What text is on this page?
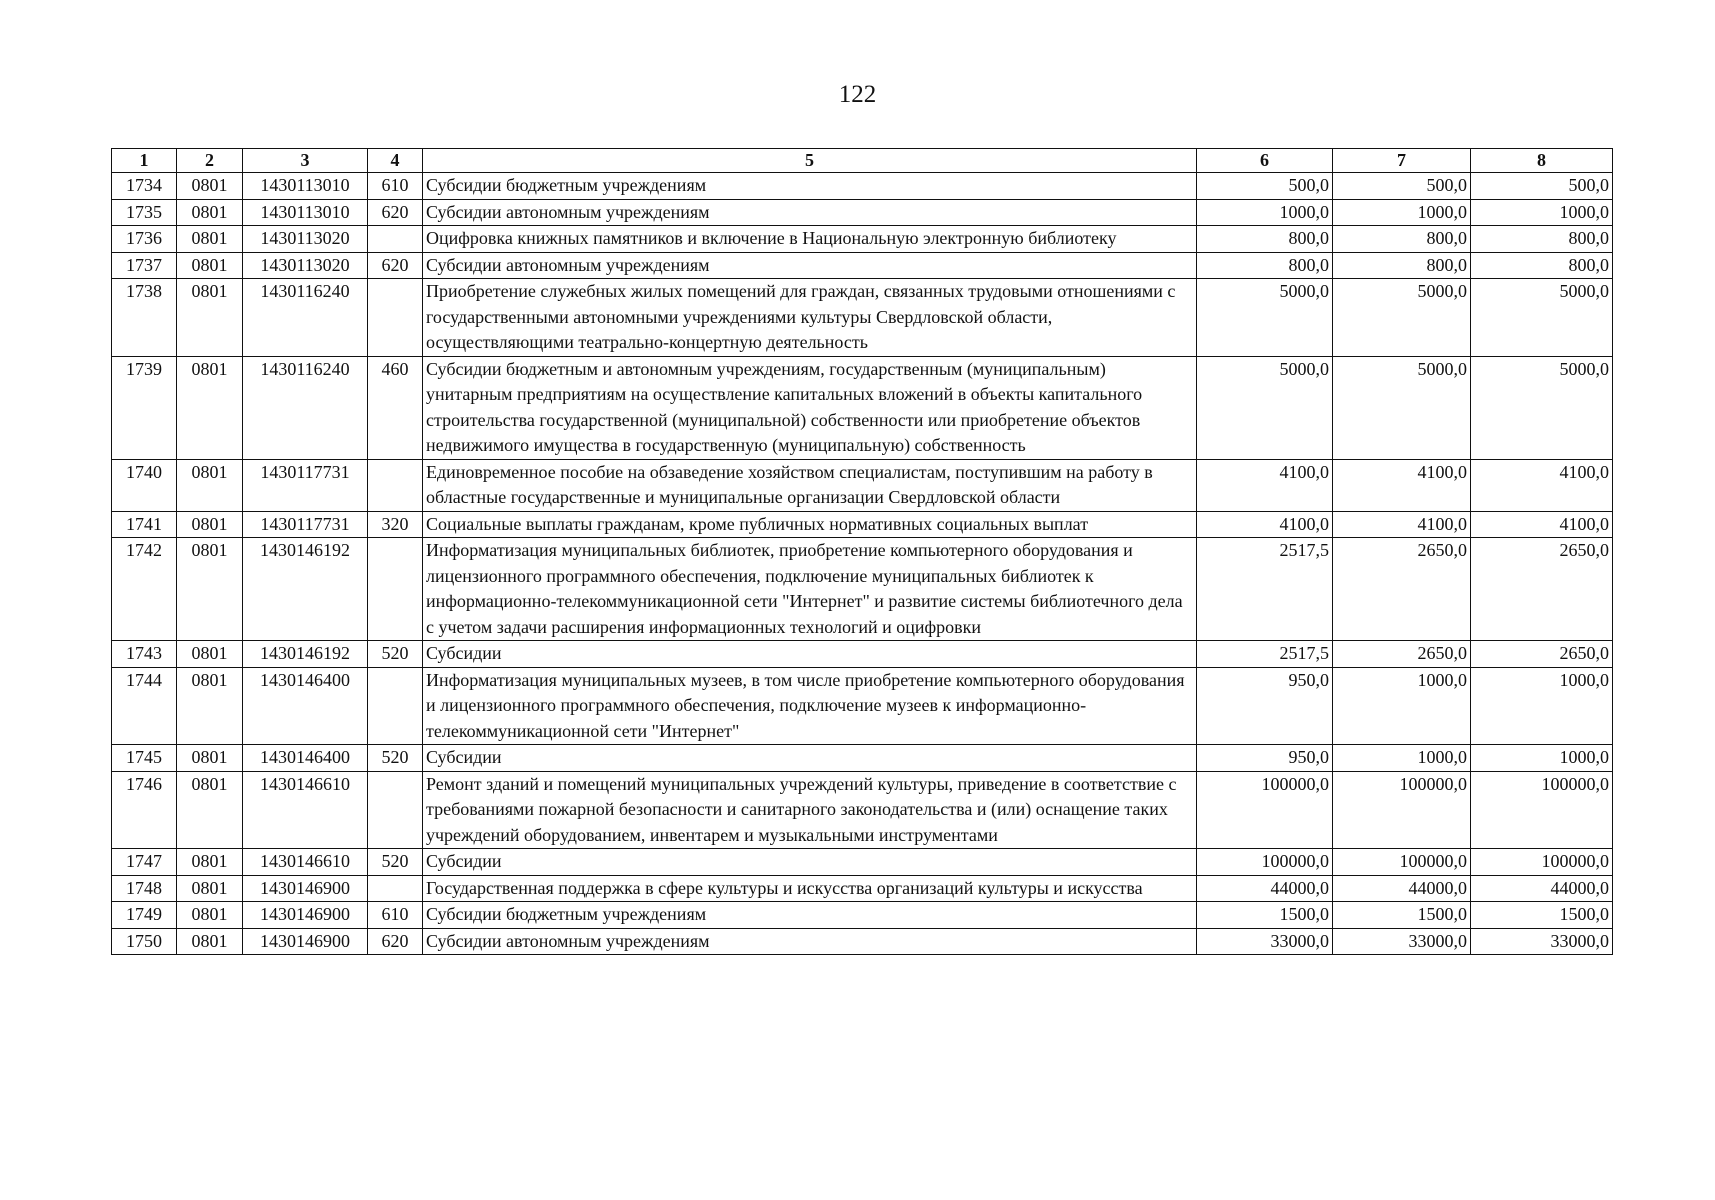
122
1	2	3	4	5	6	7	8
1734	0801	1430113010	610	Субсидии бюджетным учреждениям	500,0	500,0	500,0
1735	0801	1430113010	620	Субсидии автономным учреждениям	1000,0	1000,0	1000,0
1736	0801	1430113020		Оцифровка книжных памятников и включение в Национальную электронную библиотеку	800,0	800,0	800,0
1737	0801	1430113020	620	Субсидии автономным учреждениям	800,0	800,0	800,0
1738	0801	1430116240		Приобретение служебных жилых помещений для граждан, связанных трудовыми отношениями с государственными автономными учреждениями культуры Свердловской области, осуществляющими театрально-концертную деятельность	5000,0	5000,0	5000,0
1739	0801	1430116240	460	Субсидии бюджетным и автономным учреждениям, государственным (муниципальным) унитарным предприятиям на осуществление капитальных вложений в объекты капитального строительства государственной (муниципальной) собственности или приобретение объектов недвижимого имущества в государственную (муниципальную) собственность	5000,0	5000,0	5000,0
1740	0801	1430117731		Единовременное пособие на обзаведение хозяйством специалистам, поступившим на работу в областные государственные и муниципальные организации Свердловской области	4100,0	4100,0	4100,0
1741	0801	1430117731	320	Социальные выплаты гражданам, кроме публичных нормативных социальных выплат	4100,0	4100,0	4100,0
1742	0801	1430146192		Информатизация муниципальных библиотек, приобретение компьютерного оборудования и лицензионного программного обеспечения, подключение муниципальных библиотек к информационно-телекоммуникационной сети "Интернет" и развитие системы библиотечного дела с учетом задачи расширения информационных технологий и оцифровки	2517,5	2650,0	2650,0
1743	0801	1430146192	520	Субсидии	2517,5	2650,0	2650,0
1744	0801	1430146400		Информатизация муниципальных музеев, в том числе приобретение компьютерного оборудования и лицензионного программного обеспечения, подключение музеев к информационно-телекоммуникационной сети "Интернет"	950,0	1000,0	1000,0
1745	0801	1430146400	520	Субсидии	950,0	1000,0	1000,0
1746	0801	1430146610		Ремонт зданий и помещений муниципальных учреждений культуры, приведение в соответствие с требованиями пожарной безопасности и санитарного законодательства и (или) оснащение таких учреждений оборудованием, инвентарем и музыкальными инструментами	100000,0	100000,0	100000,0
1747	0801	1430146610	520	Субсидии	100000,0	100000,0	100000,0
1748	0801	1430146900		Государственная поддержка в сфере культуры и искусства организаций культуры и искусства	44000,0	44000,0	44000,0
1749	0801	1430146900	610	Субсидии бюджетным учреждениям	1500,0	1500,0	1500,0
1750	0801	1430146900	620	Субсидии автономным учреждениям	33000,0	33000,0	33000,0
